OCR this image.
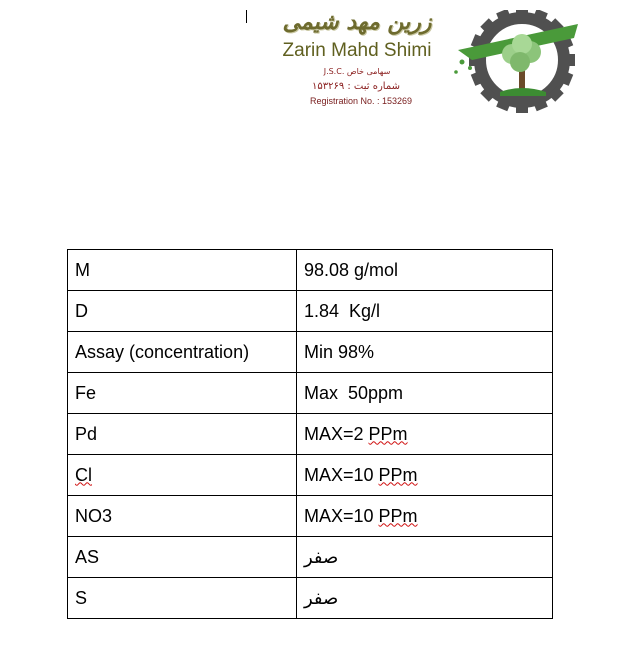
زرین مهد شیمی
Zarin Mahd Shimi
J.S.C. سهامی خاص
شماره ثبت : ۱۵۳۲۶۹
Registration No. : 153269
M	98.08 g/mol
D	1.84  Kg/l
Assay (concentration)	Min 98%
Fe	Max  50ppm
Pd	MAX=2 PPm
Cl	MAX=10 PPm
NO3	MAX=10 PPm
AS	صفر
S	صفر
